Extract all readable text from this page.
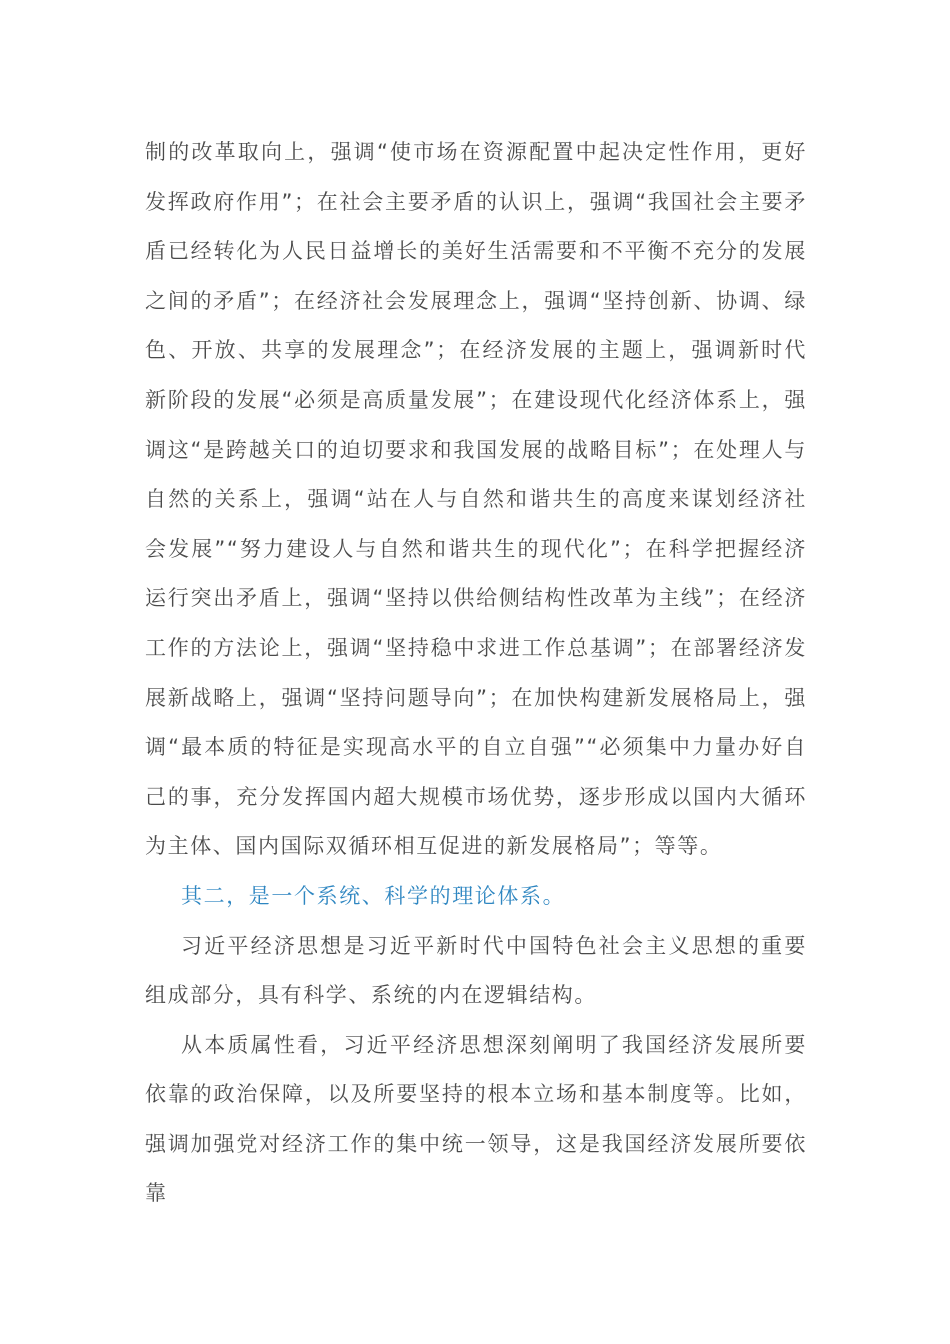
制的改革取向上，强调“使市场在资源配置中起决定性作用，更好发挥政府作用”；在社会主要矛盾的认识上，强调“我国社会主要矛盾已经转化为人民日益增长的美好生活需要和不平衡不充分的发展之间的矛盾”；在经济社会发展理念上，强调“坚持创新、协调、绿色、开放、共享的发展理念”；在经济发展的主题上，强调新时代新阶段的发展“必须是高质量发展”；在建设现代化经济体系上，强调这“是跨越关口的迫切要求和我国发展的战略目标”；在处理人与自然的关系上，强调“站在人与自然和谐共生的高度来谋划经济社会发展”“努力建设人与自然和谐共生的现代化”；在科学把握经济运行突出矛盾上，强调“坚持以供给侧结构性改革为主线”；在经济工作的方法论上，强调“坚持稳中求进工作总基调”；在部署经济发展新战略上，强调“坚持问题导向”；在加快构建新发展格局上，强调“最本质的特征是实现高水平的自立自强”“必须集中力量办好自己的事，充分发挥国内超大规模市场优势，逐步形成以国内大循环为主体、国内国际双循环相互促进的新发展格局”；等等。

其二，是一个系统、科学的理论体系。

习近平经济思想是习近平新时代中国特色社会主义思想的重要组成部分，具有科学、系统的内在逻辑结构。

从本质属性看，习近平经济思想深刻阐明了我国经济发展所要依靠的政治保障，以及所要坚持的根本立场和基本制度等。比如，强调加强党对经济工作的集中统一领导，这是我国经济发展所要依靠
